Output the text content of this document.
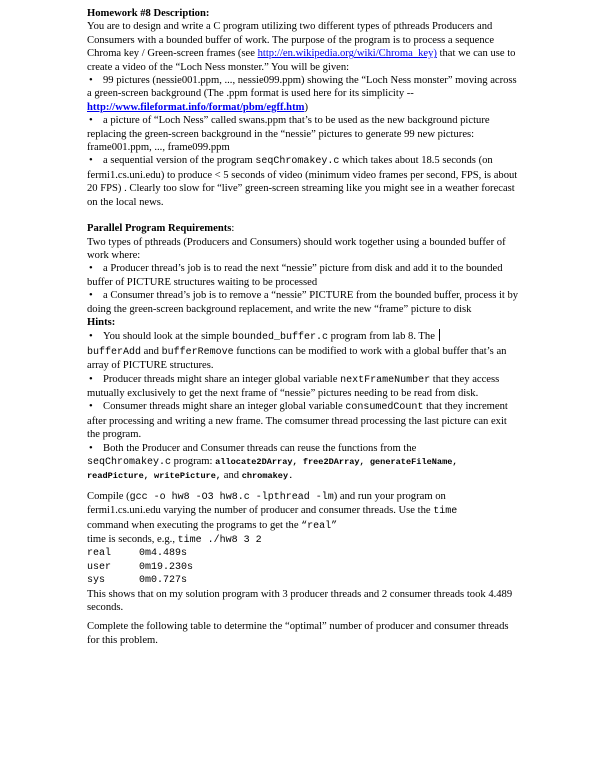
Homework #8 Description:

You are to design and write a C program utilizing two different types of pthreads Producers and Consumers with a bounded buffer of work. The purpose of the program is to process a sequence Chroma key / Green-screen frames (see http://en.wikipedia.org/wiki/Chroma_key) that we can use to create a video of the “Loch Ness monster.” You will be given:

• 99 pictures (nessie001.ppm, ..., nessie099.ppm) showing the “Loch Ness monster” moving across a green-screen background (The .ppm format is used here for its simplicity -- http://www.fileformat.info/format/pbm/egff.htm)

• a picture of “Loch Ness” called swans.ppm that’s to be used as the new background picture replacing the green-screen background in the “nessie” pictures to generate 99 new pictures: frame001.ppm, ..., frame099.ppm

• a sequential version of the program seqChromakey.c which takes about 18.5 seconds (on fermi1.cs.uni.edu) to produce < 5 seconds of video (minimum video frames per second, FPS, is about 20 FPS) . Clearly too slow for “live” green-screen streaming like you might see in a weather forecast on the local news.

Parallel Program Requirements:

Two types of pthreads (Producers and Consumers) should work together using a bounded buffer of work where:

• a Producer thread’s job is to read the next “nessie” picture from disk and add it to the bounded buffer of PICTURE structures waiting to be processed

• a Consumer thread’s job is to remove a “nessie” PICTURE from the bounded buffer, process it by doing the green-screen background replacement, and write the new “frame” picture to disk

Hints:

• You should look at the simple bounded_buffer.c program from lab 8. The
bufferAdd and bufferRemove functions can be modified to work with a global buffer that’s an array of PICTURE structures.

• Producer threads might share an integer global variable nextFrameNumber that they access mutually exclusively to get the next frame of “nessie” pictures needing to be read from disk.

• Consumer threads might share an integer global variable consumedCount that they increment after processing and writing a new frame. The comsumer thread processing the last picture can exit the program.

• Both the Producer and Consumer threads can reuse the functions from the
seqChromakey.c program: allocate2DArray, free2DArray, generateFileName, readPicture, writePicture, and chromakey.

Compile (gcc -o hw8 -O3 hw8.c -lpthread -lm) and run your program on fermi1.cs.uni.edu varying the number of producer and consumer threads. Use the time
command when executing the programs to get the “real”
time is seconds, e.g., time ./hw8 3 2

real	0m4.489s
user	0m19.230s
sys	0m0.727s

This shows that on my solution program with 3 producer threads and 2 consumer threads took 4.489 seconds.

Complete the following table to determine the “optimal” number of producer and consumer threads for this problem.
